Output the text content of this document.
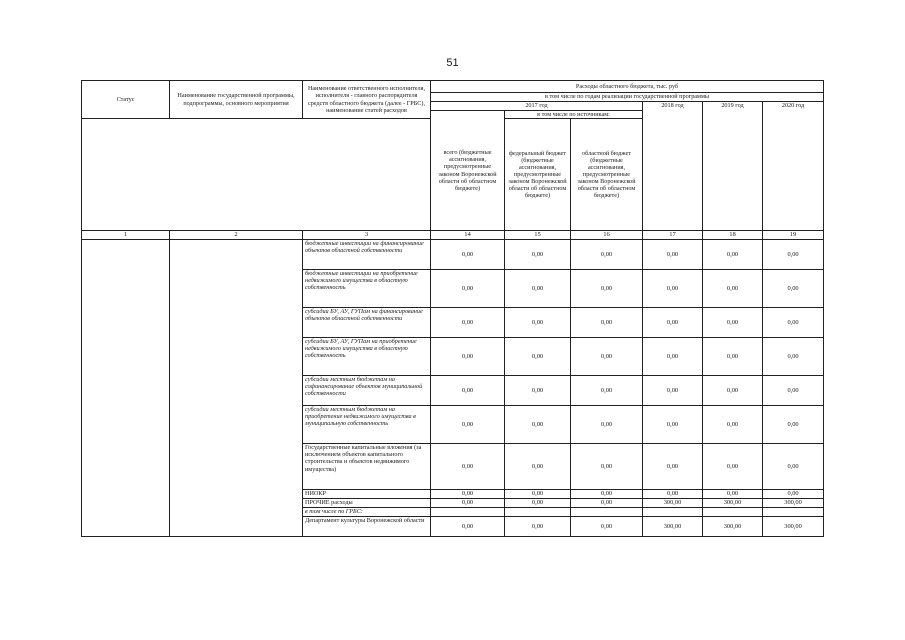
51
Статус	Наименование государственной программы, подпрограммы, основного мероприятия	Наименование ответственного исполнителя, исполнителя - главного распорядителя средств областного бюджета (далее - ГРБС), наименование статей расходов	Расходы областного бюджета, тыс. руб					
			в том числе по годам реализации государственной программы					
			2017 год			2018 год	2019 год	2020 год
			всего (бюджетные ассигнования, предусмотренные законом Воронежской области об областном бюджете)	в том числе по источникам:				
				федеральный бюджет (бюджетные ассигнования, предусмотренные законом Воронежской области об областном бюджете)	областной бюджет (бюджетные ассигнования, предусмотренные законом Воронежской области об областном бюджете)			
1	2	3	14	15	16	17	18	19
		бюджетные инвестиции на финансирование объектов областной собственности	0,00	0,00	0,00	0,00	0,00	0,00
		бюджетные инвестиции на приобретение недвижимого имущества в областную собственность	0,00	0,00	0,00	0,00	0,00	0,00
		субсидии БУ, АУ, ГУПам на финансирование объектов областной собственности	0,00	0,00	0,00	0,00	0,00	0,00
		субсидии БУ, АУ, ГУПам на приобретение недвижимого имущества в областную собственность	0,00	0,00	0,00	0,00	0,00	0,00
		субсидии местным бюджетам на софинансирование объектов муниципальной собственности	0,00	0,00	0,00	0,00	0,00	0,00
		субсидии местным бюджетам на приобретение недвижимого имущества в муниципальную собственность	0,00	0,00	0,00	0,00	0,00	0,00
		Государственные капитальные вложения (за исключением объектов капитального строительства и объектов недвижимого имущества)	0,00	0,00	0,00	0,00	0,00	0,00
		НИОКР	0,00	0,00	0,00	0,00	0,00	0,00
		ПРОЧИЕ расходы	0,00	0,00	0,00	300,00	300,00	300,00
		в том числе по ГРБС:						
		Департамент культуры Воронежской области	0,00	0,00	0,00	300,00	300,00	300,00
